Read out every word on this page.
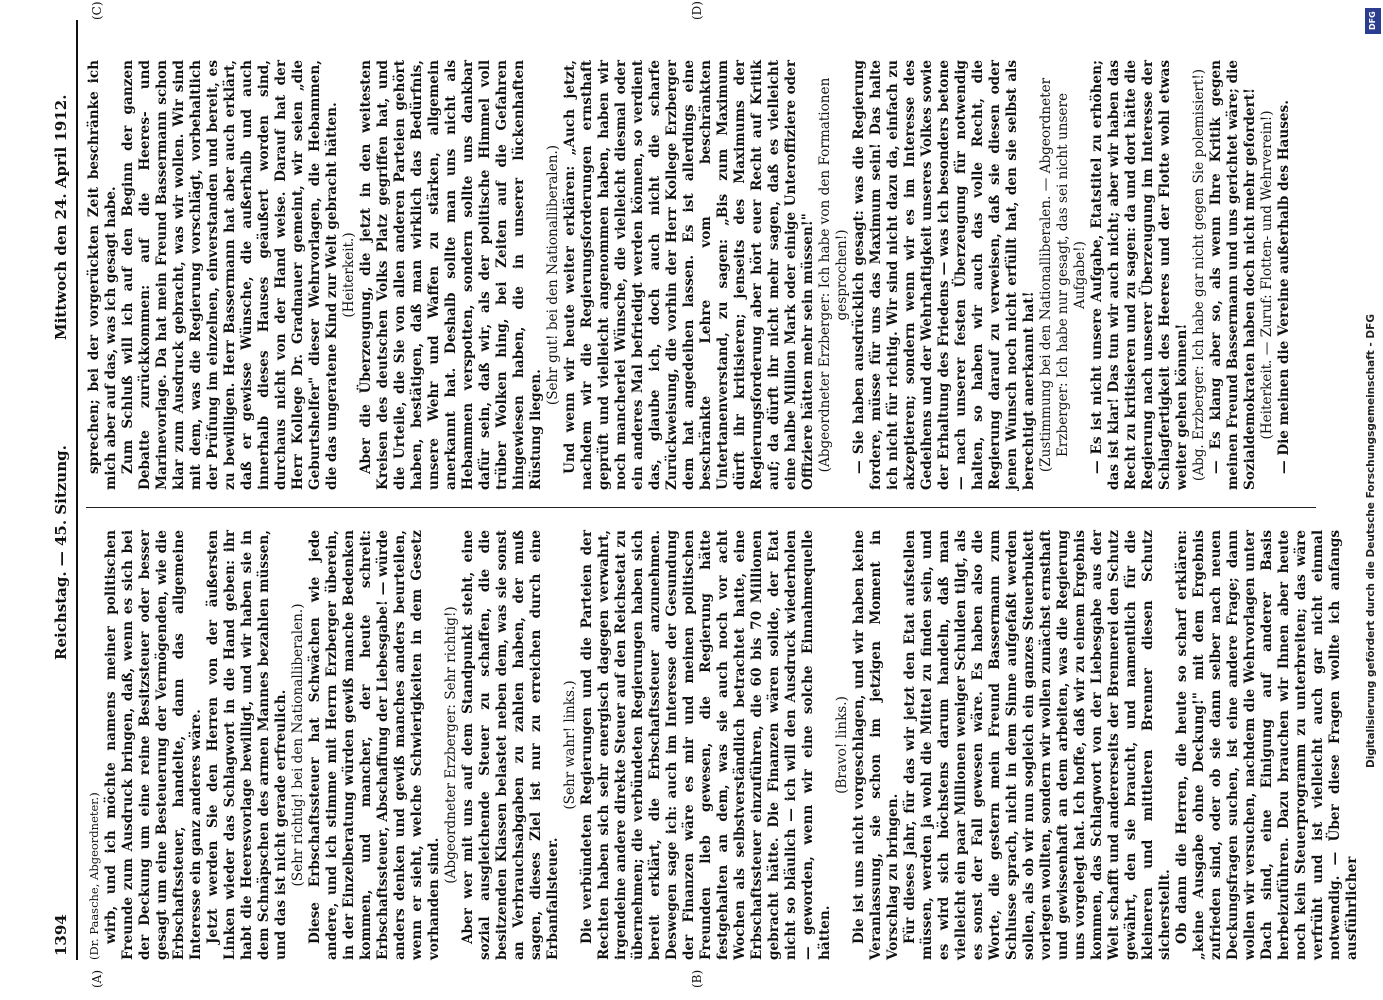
1394
Reichstag. — 45. Sitzung.
Mittwoch den 24. April 1912.
(A)	(B)
(C)	(D)

(Dr. Paasche, Abgeordneter.) wirb, und ich möchte namens meiner politischen Freunde zum Ausdruck bringen, daß, wenn es sich bei der Deckung um eine reine Besitzsteuer oder besser gesagt um eine Besteuerung der Vermögenden, wie die Erbschaftssteuer, handelte, dann das allgemeine Interesse ein ganz anderes wäre. Jetzt werden Sie den Herren von der äußersten Linken wieder das Schlagwort in die Hand geben: ihr habt die Heeresvorlage bewilligt, und wir haben sie in dem Schnäpschen des armen Mannes bezahlen müssen, und das ist nicht gerade erfreulich. (Sehr richtig! bei den Nationalliberalen.) Diese Erbschaftssteuer hat Schwächen wie jede andere, und ich stimme mit Herrn Erzberger überein, in der Einzelberatung würden gewiß manche Bedenken kommen, und mancher, der heute schreit: Erbschaftssteuer, Abschaffung der Liebesgabe! — würde anders denken und gewiß manches anders beurteilen, wenn er sieht, welche Schwierigkeiten in dem Gesetz vorhanden sind.

(Abgeordneter Erzberger: Sehr richtig!) Aber wer mit uns auf dem Standpunkt steht, eine sozial ausgleichende Steuer zu schaffen, die die besitzenden Klassen belastet neben dem, was sie sonst an Verbrauchsabgaben zu zahlen haben, der muß sagen, dieses Ziel ist nur zu erreichen durch eine Erbanfallsteuer.

(Sehr wahr! links.) Die verbündeten Regierungen und die Parteien der Rechten haben sich sehr energisch dagegen verwahrt, irgendeine andere direkte Steuer auf den Reichsetat zu übernehmen; die verbündeten Regierungen haben sich bereit erklärt, die Erbschaftssteuer anzunehmen. Deswegen sage ich: auch im Interesse der Gesundung der Finanzen wäre es mir und meinen politischen Freunden lieb gewesen, die Regierung hätte festgehalten an dem, was sie auch noch vor acht Wochen als selbstverständlich betrachtet hatte, eine Erbschaftssteuer einzuführen, die 60 bis 70 Millionen gebracht hätte. Die Finanzen wären solide, der Etat nicht so bläulich — ich will den Ausdruck wiederholen — geworden, wenn wir eine solche Einnahmequelle hätten.

(Bravo! links.) Die ist uns nicht vorgeschlagen, und wir haben keine Veranlassung, sie schon im jetzigen Moment in Vorschlag zu bringen. Für dieses Jahr, für das wir jetzt den Etat aufstellen müssen, werden ja wohl die Mittel zu finden sein, und es wird sich höchstens darum handeln, daß man vielleicht ein paar Millionen weniger Schulden tilgt, als es sonst der Fall gewesen wäre. Es haben also die Worte, die gestern mein Freund Bassermann zum Schlusse sprach, nicht in dem Sinne aufgefaßt werden sollen, als ob wir nun sogleich ein ganzes Steuerbukett vorlegen wollten, sondern wir wollen zunächst ernsthaft und gewissenhaft an dem arbeiten, was die Regierung uns vorgelegt hat. Ich hoffe, daß wir zu einem Ergebnis kommen, das Schlagwort von der Liebesgabe aus der Welt schafft und andererseits der Brennerei den Schutz gewährt, den sie braucht, und namentlich für die kleineren und mittleren Brenner diesen Schutz sicherstellt. Ob dann die Herren, die heute so scharf erklären: „keine Ausgabe ohne Deckung!" mit dem Ergebnis zufrieden sind, oder ob sie dann selber nach neuen Deckungsfragen suchen, ist eine andere Frage; dann wollen wir versuchen, nachdem die Wehrvorlagen unter Dach sind, eine Einigung auf anderer Basis herbeizuführen. Dazu brauchen wir Ihnen aber heute noch kein Steuerprogramm zu unterbreiten; das wäre verfrüht und ist vielleicht auch gar nicht einmal notwendig. — Über diese Fragen wollte ich anfangs ausführlicher

sprechen; bei der vorgerückten Zeit beschränke ich mich aber auf das, was ich gesagt habe. Zum Schluß will ich auf den Beginn der ganzen Debatte zurückkommen: auf die Heeres- und Marinevorlage. Da hat mein Freund Bassermann schon klar zum Ausdruck gebracht, was wir wollen. Wir sind mit dem, was die Regierung vorschlägt, vorbehaltlich der Prüfung im einzelnen, einverstanden und bereit, es zu bewilligen. Herr Bassermann hat aber auch erklärt, daß er gewisse Wünsche, die außerhalb und auch innerhalb dieses Hauses geäußert worden sind, durchaus nicht von der Hand weise. Darauf hat der Herr Kollege Dr. Gradnauer gemeint, wir seien „die Geburtshelfer" dieser Wehrvorlagen, die Hebammen, die das ungeratene Kind zur Welt gebracht hätten. (Heiterkeit.) Aber die Überzeugung, die jetzt in den weitesten Kreisen des deutschen Volks Platz gegriffen hat, und die Urteile, die Sie von allen anderen Parteien gehört haben, bestätigen, daß man wirklich das Bedürfnis, unsere Wehr und Waffen zu stärken, allgemein anerkannt hat. Deshalb sollte man uns nicht als Hebammen verspotten, sondern sollte uns dankbar dafür sein, daß wir, als der politische Himmel voll trüber Wolken hing, bei Zeiten auf die Gefahren hingewiesen haben, die in unserer lückenhaften Rüstung liegen.

(Sehr gut! bei den Nationalliberalen.) Und wenn wir heute weiter erklären: „Auch jetzt, nachdem wir die Regierungsforderungen ernsthaft geprüft und vielleicht angenommen haben, haben wir noch mancherlei Wünsche, die vielleicht diesmal oder ein anderes Mal befriedigt werden können, so verdient das, glaube ich, doch auch nicht die scharfe Zurückweisung, die vorhin der Herr Kollege Erzberger dem hat angedeihen lassen. Es ist allerdings eine beschränkte Lehre vom beschränkten Untertanenverstand, zu sagen: „Bis zum Maximum dürft ihr kritisieren; jenseits des Maximums der Regierungsforderung aber hört euer Recht auf Kritik auf; da dürft ihr nicht mehr sagen, daß es vielleicht eine halbe Million Mark oder einige Unteroffiziere oder Offiziere hätten mehr sein müssen!" (Abgeordneter Erzberger: Ich habe von den Formationen gesprochen!) — Sie haben ausdrücklich gesagt: was die Regierung fordere, müsse für uns das Maximum sein! Das halte ich nicht für richtig. Wir sind nicht dazu da, einfach zu akzeptieren; sondern wenn wir es im Interesse des Gedeihens und der Wehrhaftigkeit unseres Volkes sowie der Erhaltung des Friedens — was ich besonders betone — nach unserer festen Überzeugung für notwendig halten, so haben wir auch das volle Recht, die Regierung darauf zu verweisen, daß sie diesen oder jenen Wunsch noch nicht erfüllt hat, den sie selbst als berechtigt anerkannt hat! (Zustimmung bei den Nationalliberalen. — Abgeordneter Erzberger: Ich habe nur gesagt, das sei nicht unsere Aufgabe!) — Es ist nicht unsere Aufgabe, Etatstitel zu erhöhen; das ist klar! Das tun wir auch nicht; aber wir haben das Recht zu kritisieren und zu sagen: da und dort hätte die Regierung nach unserer Überzeugung im Interesse der Schlagfertigkeit des Heeres und der Flotte wohl etwas weiter gehen können! (Abg. Erzberger: Ich habe gar nicht gegen Sie polemisiert!) — Es klang aber so, als wenn Ihre Kritik gegen meinen Freund Bassermann und uns gerichtet wäre; die Sozialdemokraten haben doch nicht mehr gefordert! (Heiterkeit. — Zuruf: Flotten- und Wehrverein!) — Die meinen die Vereine außerhalb des Hauses.

DFG
Digitalisierung gefördert durch die Deutsche Forschungsgemeinschaft - DFG
